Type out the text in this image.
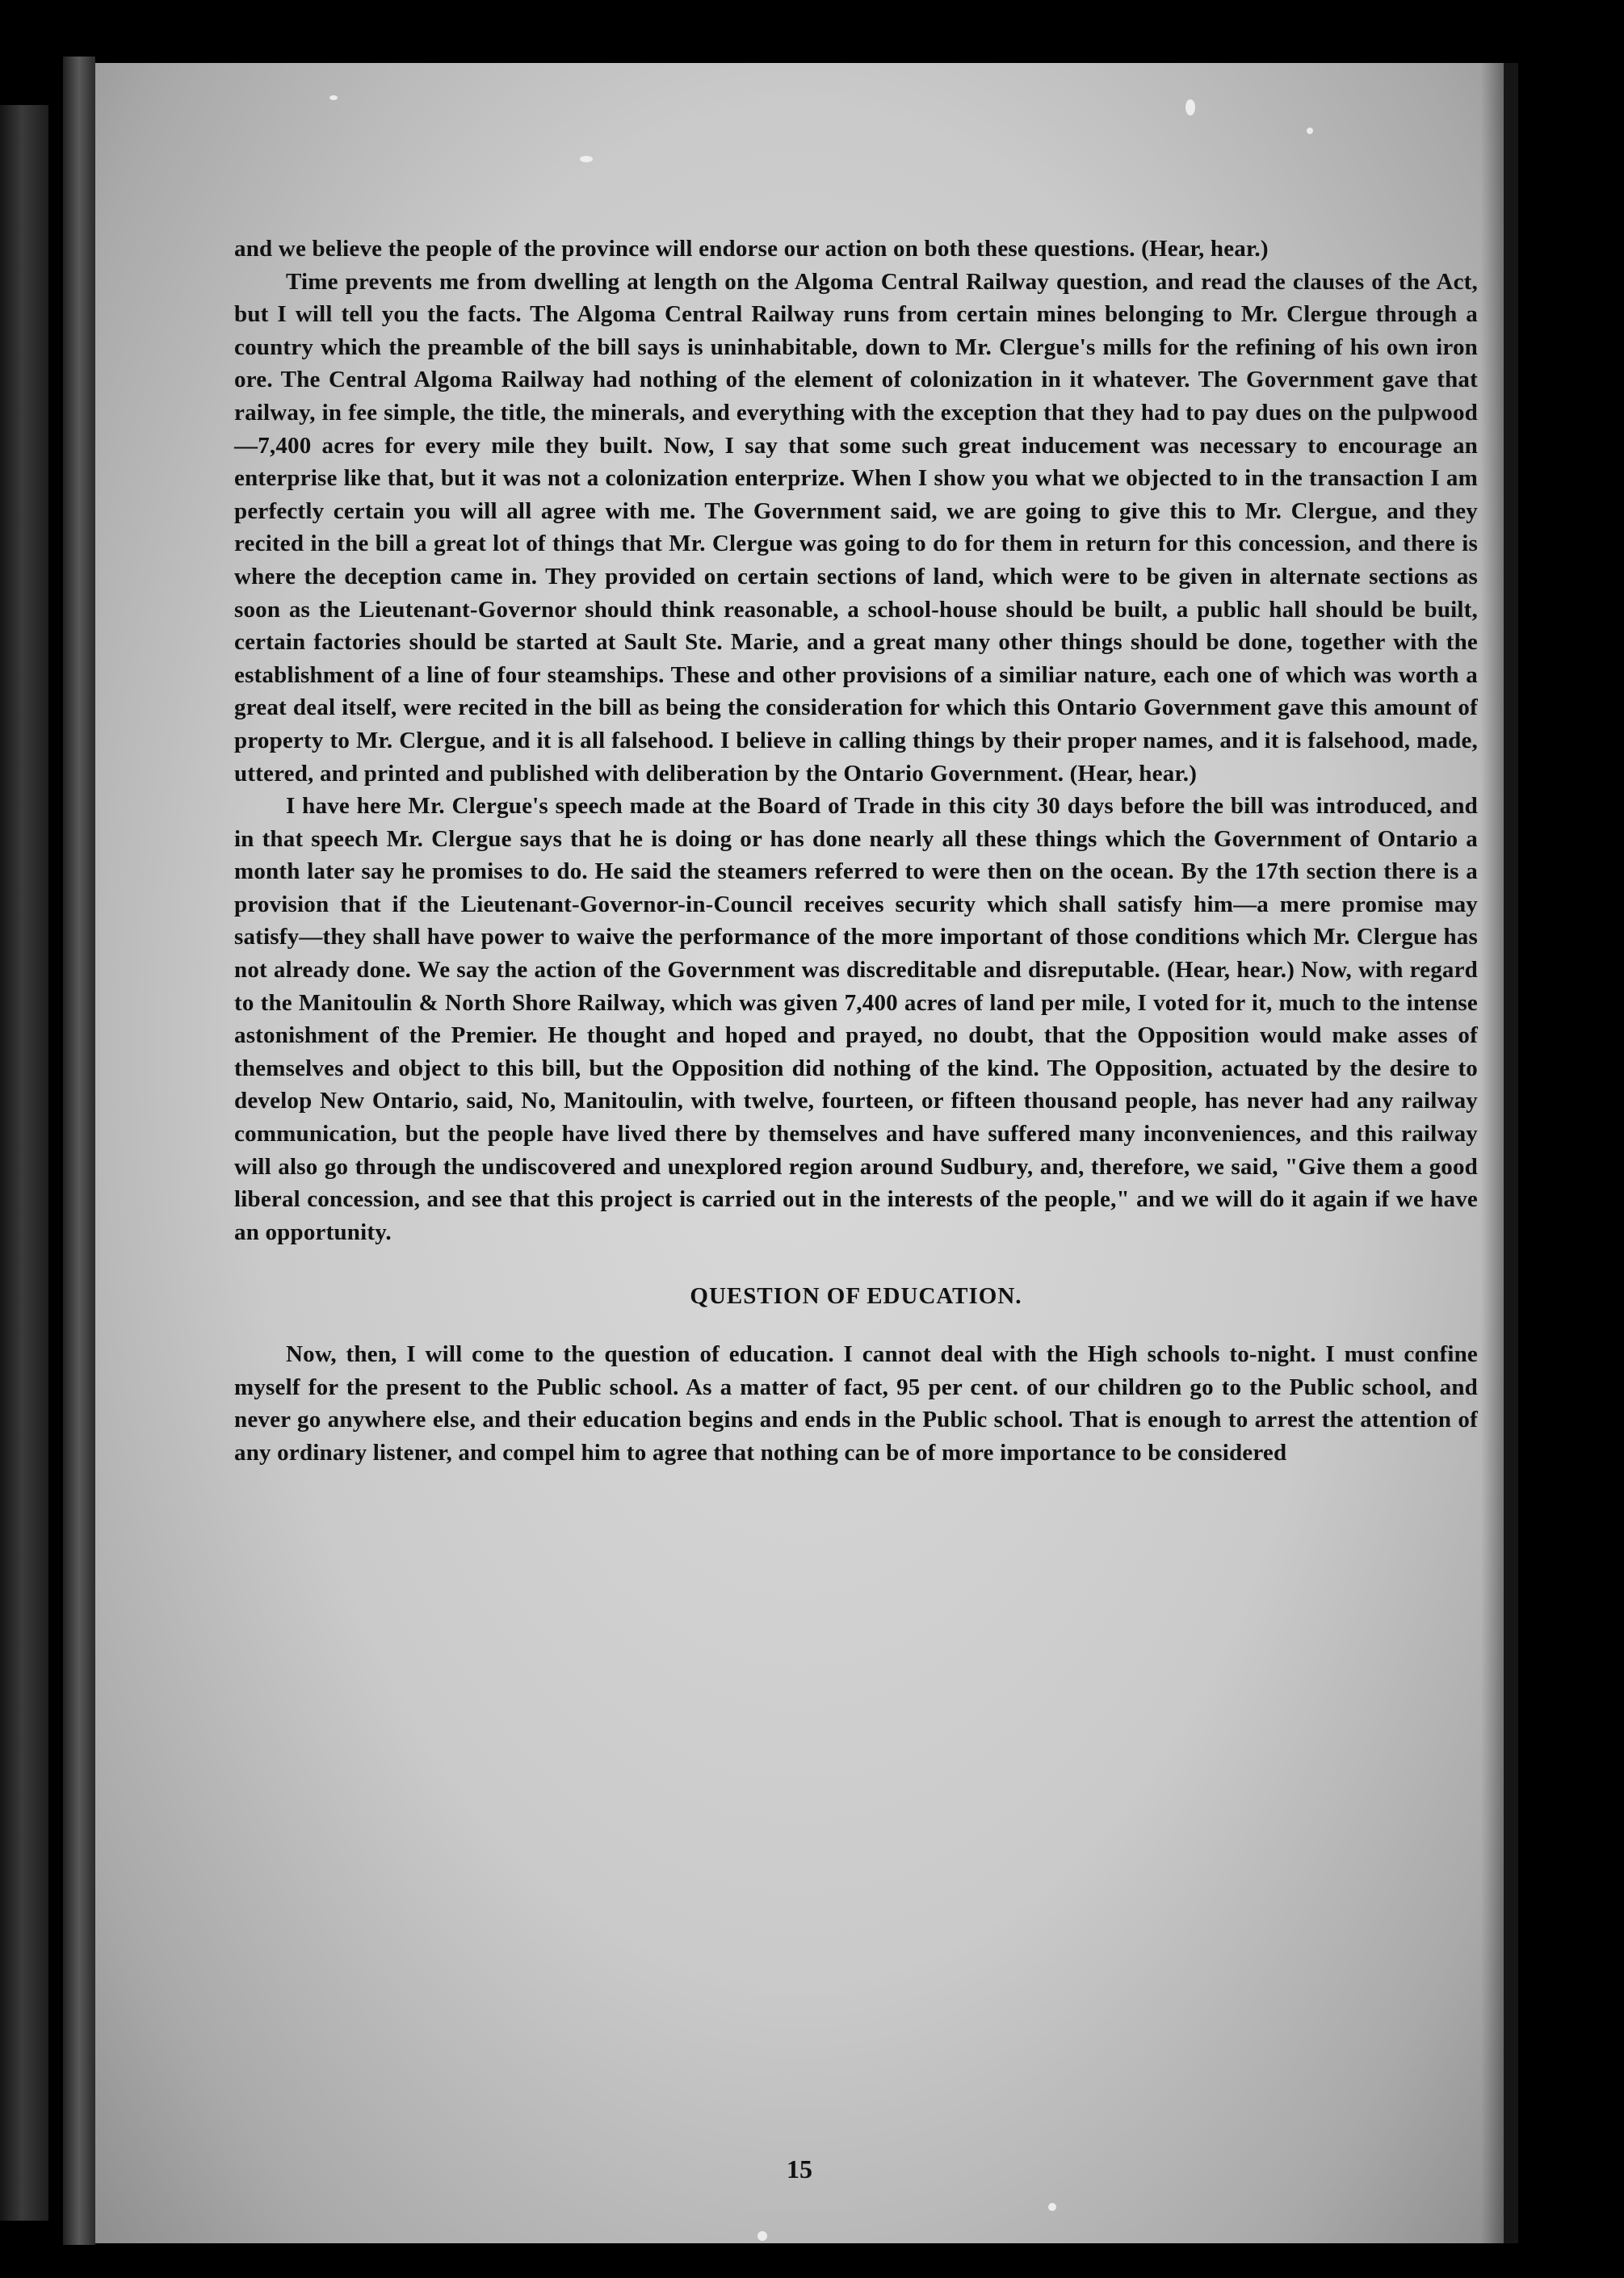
and we believe the people of the province will endorse our action on both these questions. (Hear, hear.)

Time prevents me from dwelling at length on the Algoma Central Railway question, and read the clauses of the Act, but I will tell you the facts. The Algoma Central Railway runs from certain mines belonging to Mr. Clergue through a country which the preamble of the bill says is uninhabitable, down to Mr. Clergue's mills for the refining of his own iron ore. The Central Algoma Railway had nothing of the element of colonization in it whatever. The Government gave that railway, in fee simple, the title, the minerals, and everything with the exception that they had to pay dues on the pulpwood—7,400 acres for every mile they built. Now, I say that some such great inducement was necessary to encourage an enterprise like that, but it was not a colonization enterprize. When I show you what we objected to in the transaction I am perfectly certain you will all agree with me. The Government said, we are going to give this to Mr. Clergue, and they recited in the bill a great lot of things that Mr. Clergue was going to do for them in return for this concession, and there is where the deception came in. They provided on certain sections of land, which were to be given in alternate sections as soon as the Lieutenant-Governor should think reasonable, a school-house should be built, a public hall should be built, certain factories should be started at Sault Ste. Marie, and a great many other things should be done, together with the establishment of a line of four steamships. These and other provisions of a similiar nature, each one of which was worth a great deal itself, were recited in the bill as being the consideration for which this Ontario Government gave this amount of property to Mr. Clergue, and it is all falsehood. I believe in calling things by their proper names, and it is falsehood, made, uttered, and printed and published with deliberation by the Ontario Government. (Hear, hear.)

I have here Mr. Clergue's speech made at the Board of Trade in this city 30 days before the bill was introduced, and in that speech Mr. Clergue says that he is doing or has done nearly all these things which the Government of Ontario a month later say he promises to do. He said the steamers referred to were then on the ocean. By the 17th section there is a provision that if the Lieutenant-Governor-in-Council receives security which shall satisfy him—a mere promise may satisfy—they shall have power to waive the performance of the more important of those conditions which Mr. Clergue has not already done. We say the action of the Government was discreditable and disreputable. (Hear, hear.) Now, with regard to the Manitoulin & North Shore Railway, which was given 7,400 acres of land per mile, I voted for it, much to the intense astonishment of the Premier. He thought and hoped and prayed, no doubt, that the Opposition would make asses of themselves and object to this bill, but the Opposition did nothing of the kind. The Opposition, actuated by the desire to develop New Ontario, said, No, Manitoulin, with twelve, fourteen, or fifteen thousand people, has never had any railway communication, but the people have lived there by themselves and have suffered many inconveniences, and this railway will also go through the undiscovered and unexplored region around Sudbury, and, therefore, we said, "Give them a good liberal concession, and see that this project is carried out in the interests of the people," and we will do it again if we have an opportunity.

QUESTION OF EDUCATION.

Now, then, I will come to the question of education. I cannot deal with the High schools to-night. I must confine myself for the present to the Public school. As a matter of fact, 95 per cent. of our children go to the Public school, and never go anywhere else, and their education begins and ends in the Public school. That is enough to arrest the attention of any ordinary listener, and compel him to agree that nothing can be of more importance to be considered

15
